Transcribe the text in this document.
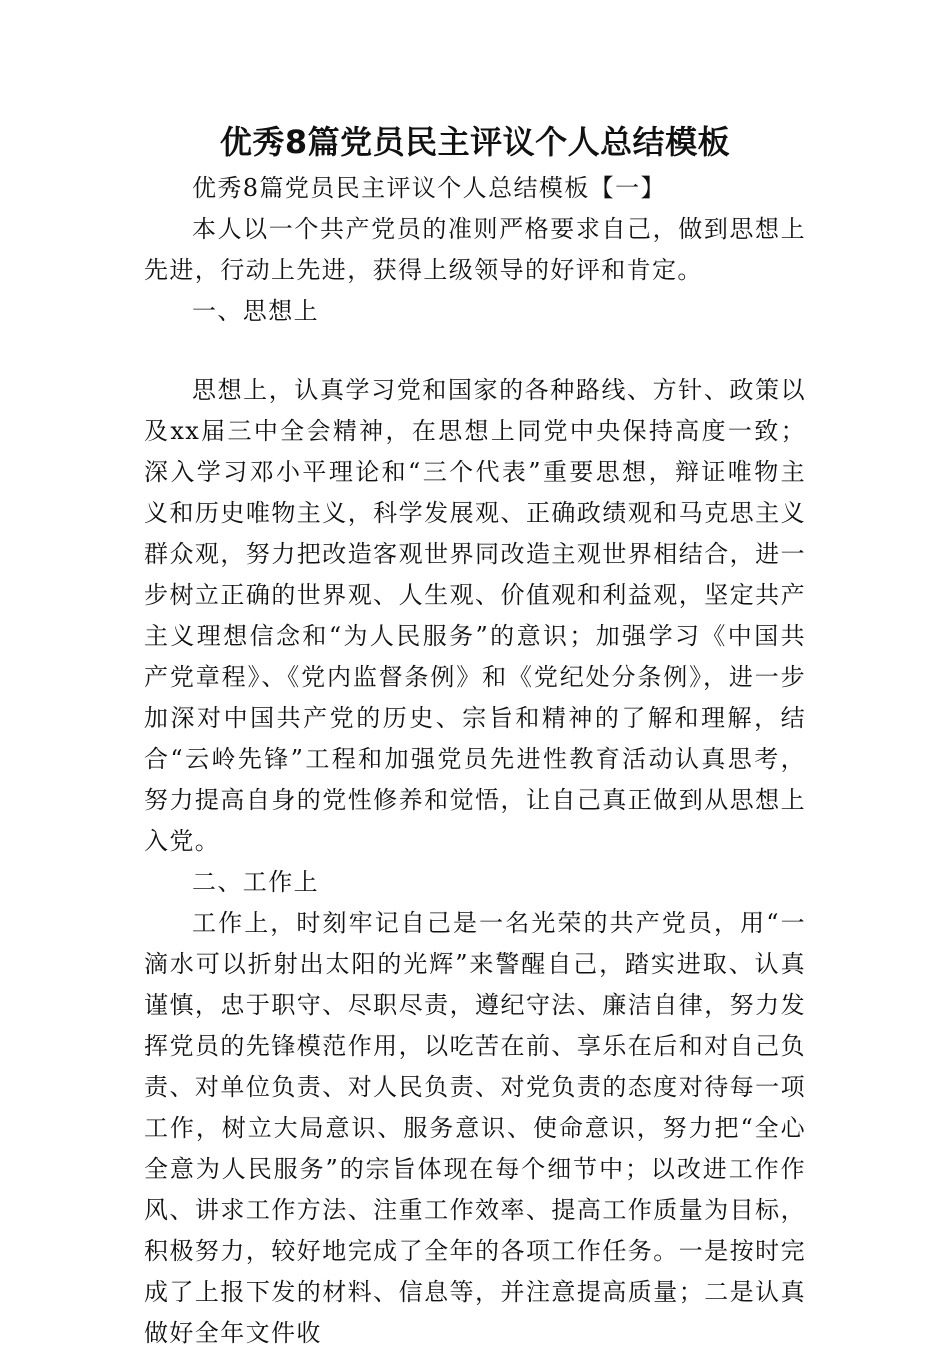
优秀8篇党员民主评议个人总结模板

优秀8篇党员民主评议个人总结模板【一】

本人以一个共产党员的准则严格要求自己，做到思想上先进，行动上先进，获得上级领导的好评和肯定。

一、思想上

思想上，认真学习党和国家的各种路线、方针、政策以及xx届三中全会精神，在思想上同党中央保持高度一致；深入学习邓小平理论和“三个代表”重要思想，辩证唯物主义和历史唯物主义，科学发展观、正确政绩观和马克思主义群众观，努力把改造客观世界同改造主观世界相结合，进一步树立正确的世界观、人生观、价值观和利益观，坚定共产主义理想信念和“为人民服务”的意识；加强学习《中国共产党章程》、《党内监督条例》和《党纪处分条例》，进一步加深对中国共产党的历史、宗旨和精神的了解和理解，结合“云岭先锋”工程和加强党员先进性教育活动认真思考，努力提高自身的党性修养和觉悟，让自己真正做到从思想上入党。

二、工作上

工作上，时刻牢记自己是一名光荣的共产党员，用“一滴水可以折射出太阳的光辉”来警醒自己，踏实进取、认真谨慎，忠于职守、尽职尽责，遵纪守法、廉洁自律，努力发挥党员的先锋模范作用，以吃苦在前、享乐在后和对自己负责、对单位负责、对人民负责、对党负责的态度对待每一项工作，树立大局意识、服务意识、使命意识，努力把“全心全意为人民服务”的宗旨体现在每个细节中；以改进工作作风、讲求工作方法、注重工作效率、提高工作质量为目标，积极努力，较好地完成了全年的各项工作任务。一是按时完成了上报下发的材料、信息等，并注意提高质量；二是认真做好全年文件收
